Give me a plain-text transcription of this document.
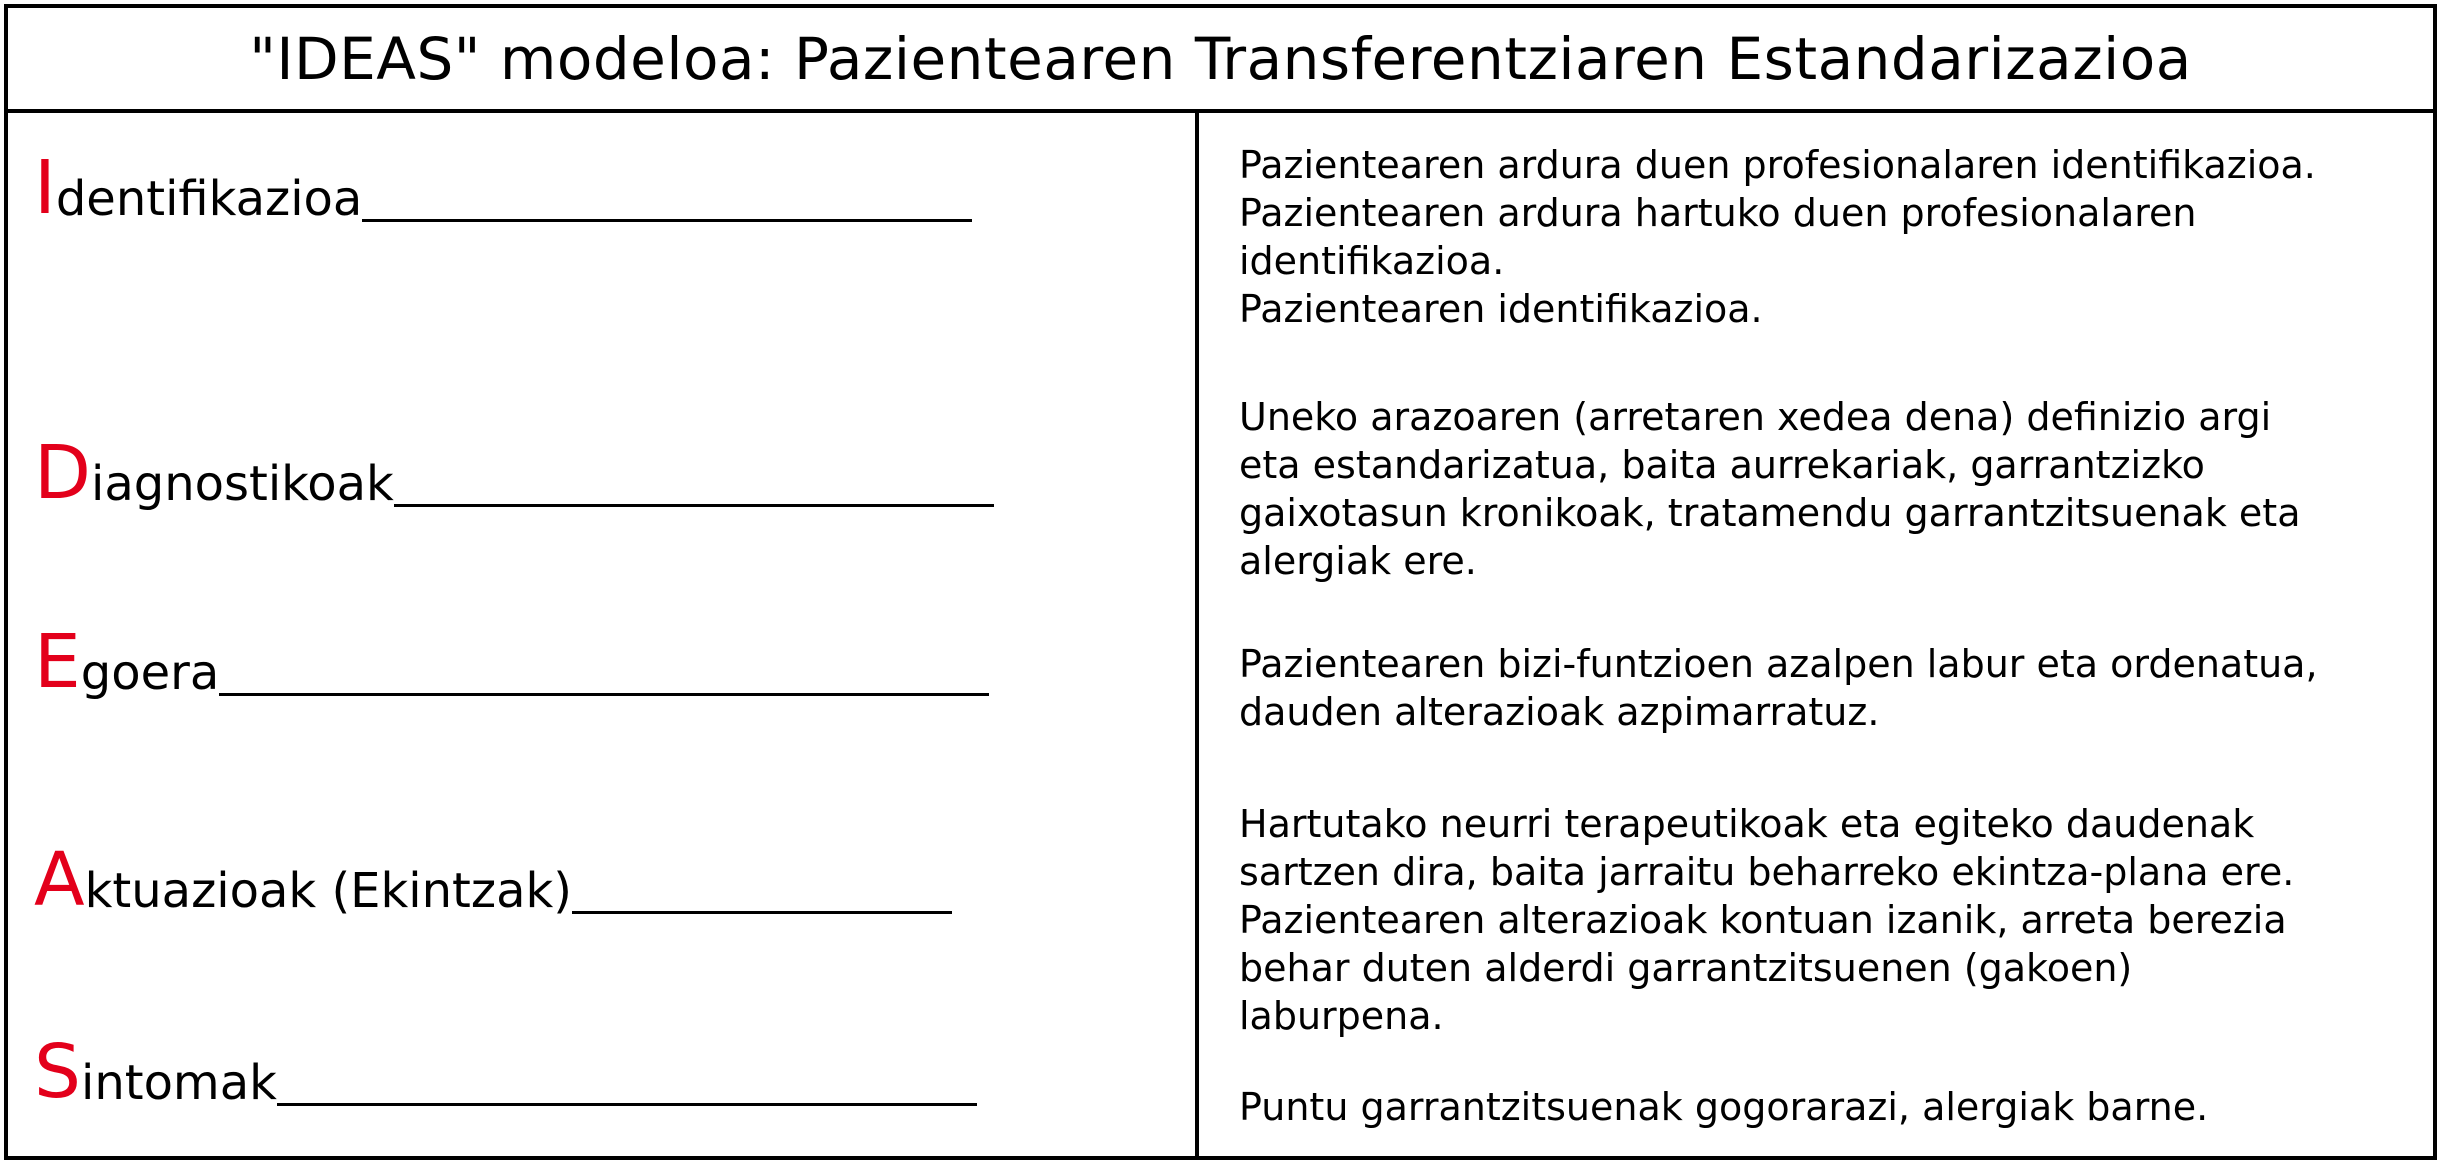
"IDEAS" modeloa: Pazientearen Transferentziaren Estandarizazioa
I dentifikazioa
D iagnostikoak
E goera
A ktuazioak (Ekintzak)
S intomak
Pazientearen ardura duen profesionalaren identifikazioa.
Pazientearen ardura hartuko duen profesionalaren
identifikazioa.
Pazientearen identifikazioa.
Uneko arazoaren (arretaren xedea dena) definizio argi
eta estandarizatua, baita aurrekariak, garrantzizko
gaixotasun kronikoak, tratamendu garrantzitsuenak eta
alergiak ere.
Pazientearen bizi-funtzioen azalpen labur eta ordenatua,
dauden alterazioak azpimarratuz.
Hartutako neurri terapeutikoak eta egiteko daudenak
sartzen dira, baita jarraitu beharreko ekintza-plana ere.
Pazientearen alterazioak kontuan izanik, arreta berezia
behar duten alderdi garrantzitsuenen (gakoen)
laburpena.
Puntu garrantzitsuenak gogorarazi, alergiak barne.
